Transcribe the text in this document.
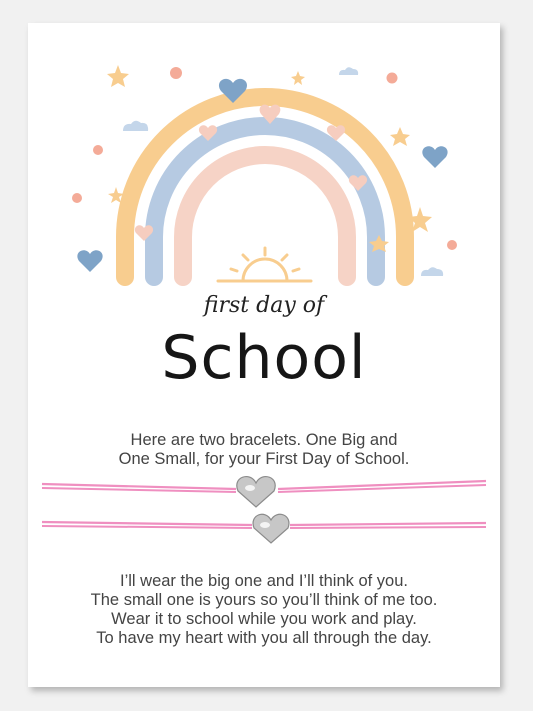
first day of
School
Here are two bracelets. One Big and
One Small, for your First Day of School.
I’ll wear the big one and I’ll think of you.
The small one is yours so you’ll think of me too.
Wear it to school while you work and play.
To have my heart with you all through the day.
